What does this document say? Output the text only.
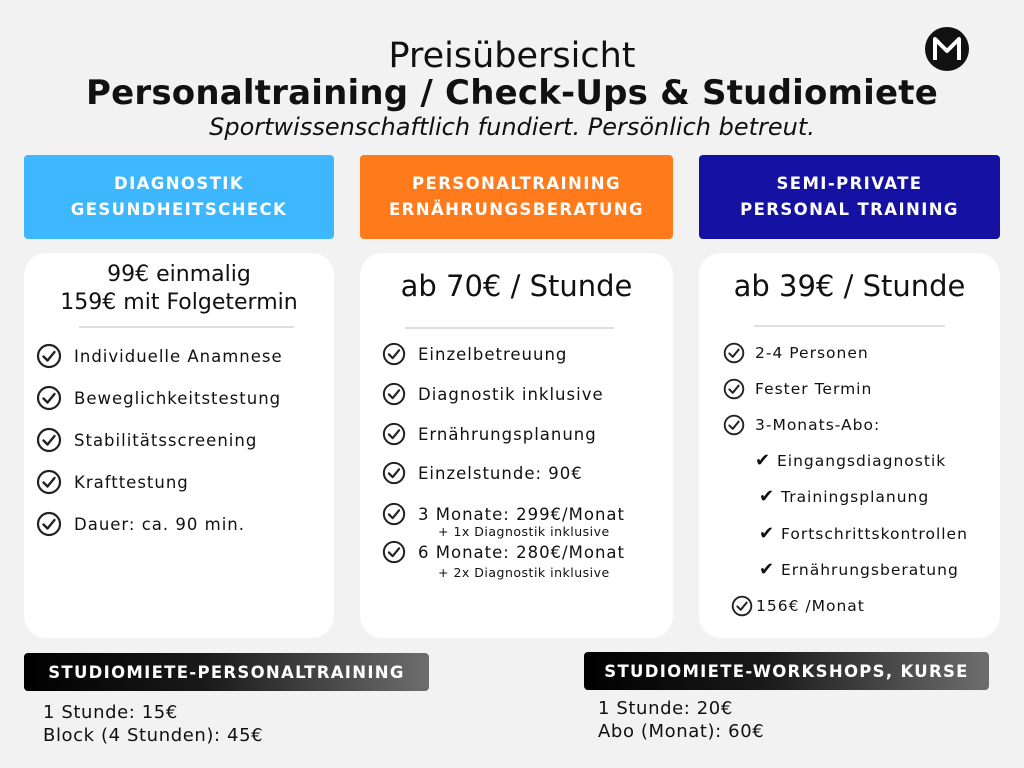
Preisübersicht
Personaltraining / Check-Ups & Studiomiete
Sportwissenschaftlich fundiert. Persönlich betreut.
DIAGNOSTIK
GESUNDHEITSCHECK
PERSONALTRAINING
ERNÄHRUNGSBERATUNG
SEMI-PRIVATE
PERSONAL TRAINING
99€ einmalig
159€ mit Folgetermin
Individuelle Anamnese
Beweglichkeitstestung
Stabilitätsscreening
Krafttestung
Dauer: ca. 90 min.
ab 70€ / Stunde
Einzelbetreuung
Diagnostik inklusive
Ernährungsplanung
Einzelstunde: 90€
3 Monate: 299€/Monat
+ 1x Diagnostik inklusive
6 Monate: 280€/Monat
+ 2x Diagnostik inklusive
ab 39€ / Stunde
2-4 Personen
Fester Termin
3-Monats-Abo:
✔ Eingangsdiagnostik
✔ Trainingsplanung
✔ Fortschrittskontrollen
✔ Ernährungsberatung
156€ /Monat
STUDIOMIETE-PERSONALTRAINING
1 Stunde: 15€
Block (4 Stunden): 45€
STUDIOMIETE-WORKSHOPS, KURSE
1 Stunde: 20€
Abo (Monat): 60€
